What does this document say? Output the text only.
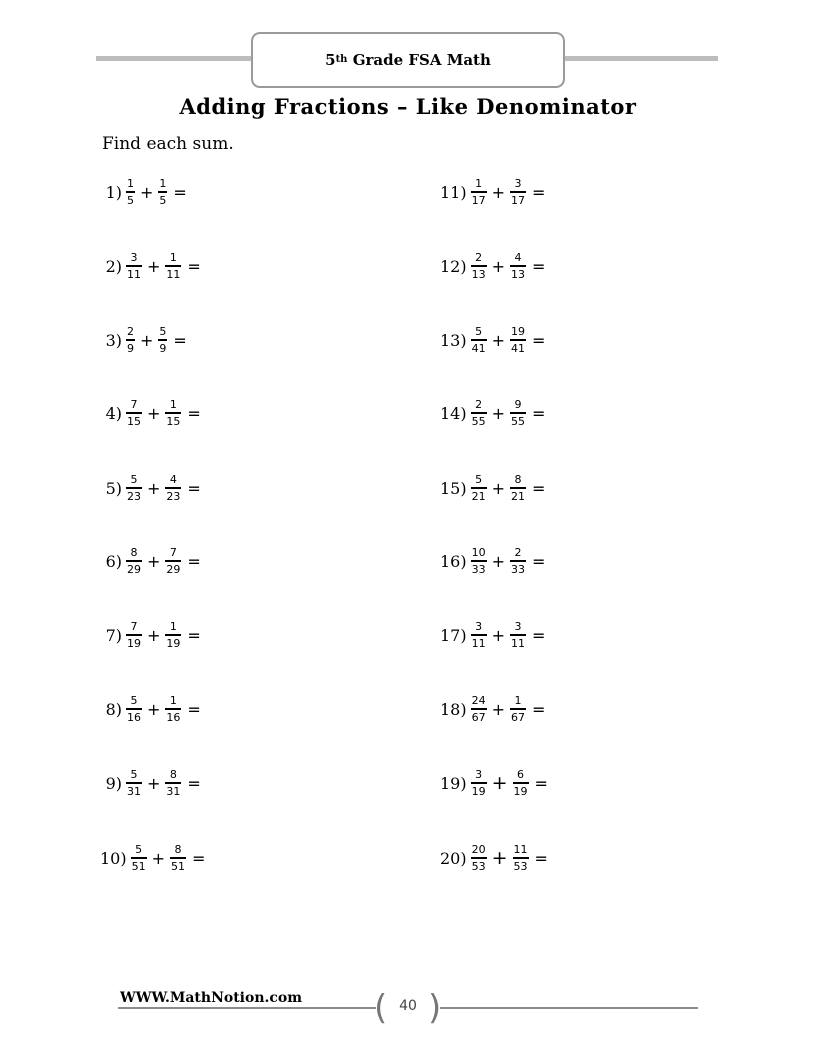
5 th
Grade FSA Math
Adding Fractions – Like Denominator
Find each sum.
$1) \frac{1}{5} + \frac{1}{5}$ =
$2) \frac{3}{11} + \frac{1}{11}$ =
$3) \frac{2}{9} + \frac{5}{9}$ =
$4) \frac{7}{15} + \frac{1}{15}$ =
$5) \frac{5}{23} + \frac{4}{23}$ =
$6) \frac{8}{29} + \frac{7}{29}$ =
$7) \frac{7}{19} + \frac{1}{19}$ =
$8) \frac{5}{16} + \frac{1}{16}$ =
$9) \frac{5}{31} + \frac{8}{31}$ =
$10) \frac{5}{51} + \frac{8}{51}$ =
$11) \frac{1}{17} + \frac{3}{17}$ =
$12) \frac{2}{13} + \frac{4}{13}$ =
$13) \frac{5}{41} + \frac{19}{41}$ =
$14) \frac{2}{55} + \frac{9}{55}$ =
$15) \frac{5}{21} + \frac{8}{21}$ =
$16) \frac{10}{33} + \frac{2}{33}$ =
$17) \frac{3}{11} + \frac{3}{11}$ =
$18) \frac{24}{67} + \frac{1}{67}$ =
$19) \frac{3}{19} + \frac{6}{19}$ =
$20) \frac{20}{53} + \frac{11}{53}$ =
WWW.MathNotion.com ( )
40
